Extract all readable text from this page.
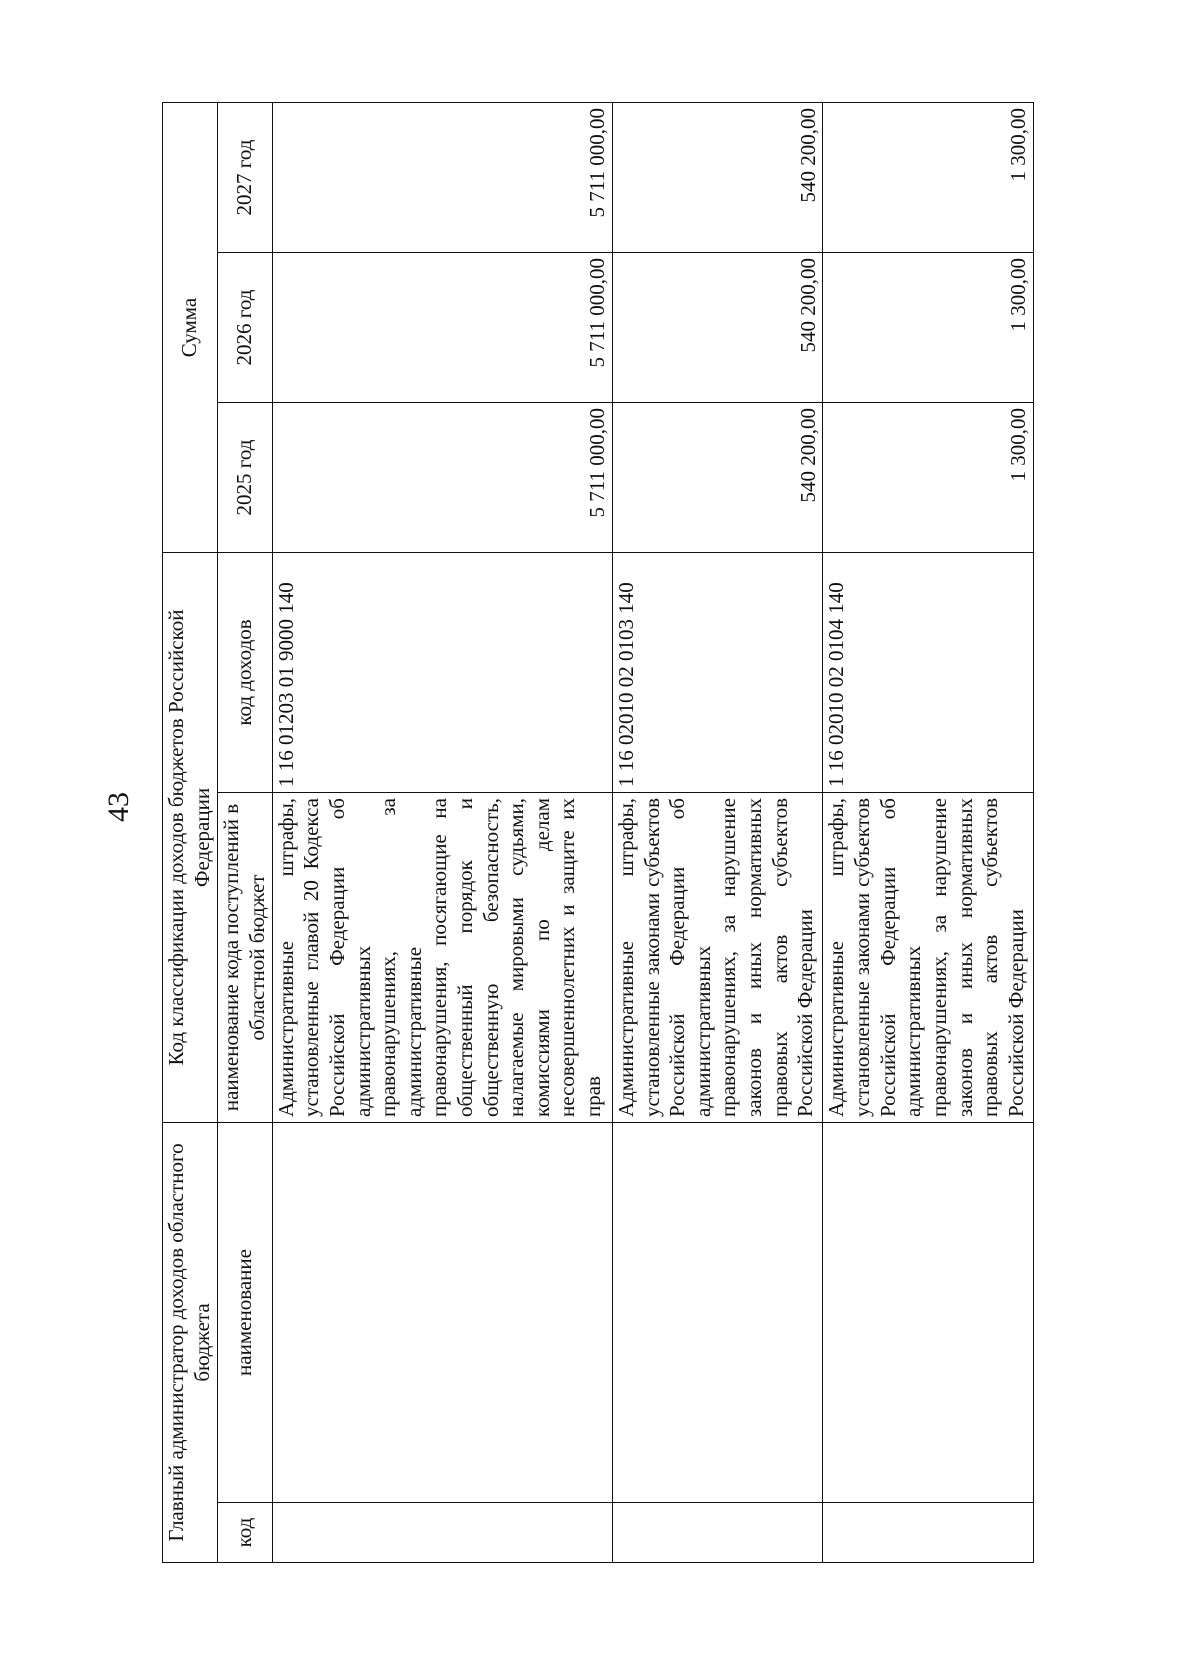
43
Главный администратор доходов областного бюджета		Код классификации доходов бюджетов Российской Федерации		Сумма		
код	наименование	наименование кода поступлений в областной бюджет	код доходов	2025 год	2026 год	2027 год
		Административные штрафы, установленные главой 20 Кодекса Российской Федерации об административных правонарушениях, за административные правонарушения, посягающие на общественный порядок и общественную безопасность, налагаемые мировыми судьями, комиссиями по делам несовершеннолетних и защите их прав	1 16 01203 01 9000 140	5 711 000,00	5 711 000,00	5 711 000,00
		Административные штрафы, установленные законами субъектов Российской Федерации об административных правонарушениях, за нарушение законов и иных нормативных правовых актов субъектов Российской Федерации	1 16 02010 02 0103 140	540 200,00	540 200,00	540 200,00
		Административные штрафы, установленные законами субъектов Российской Федерации об административных правонарушениях, за нарушение законов и иных нормативных правовых актов субъектов Российской Федерации	1 16 02010 02 0104 140	1 300,00	1 300,00	1 300,00
